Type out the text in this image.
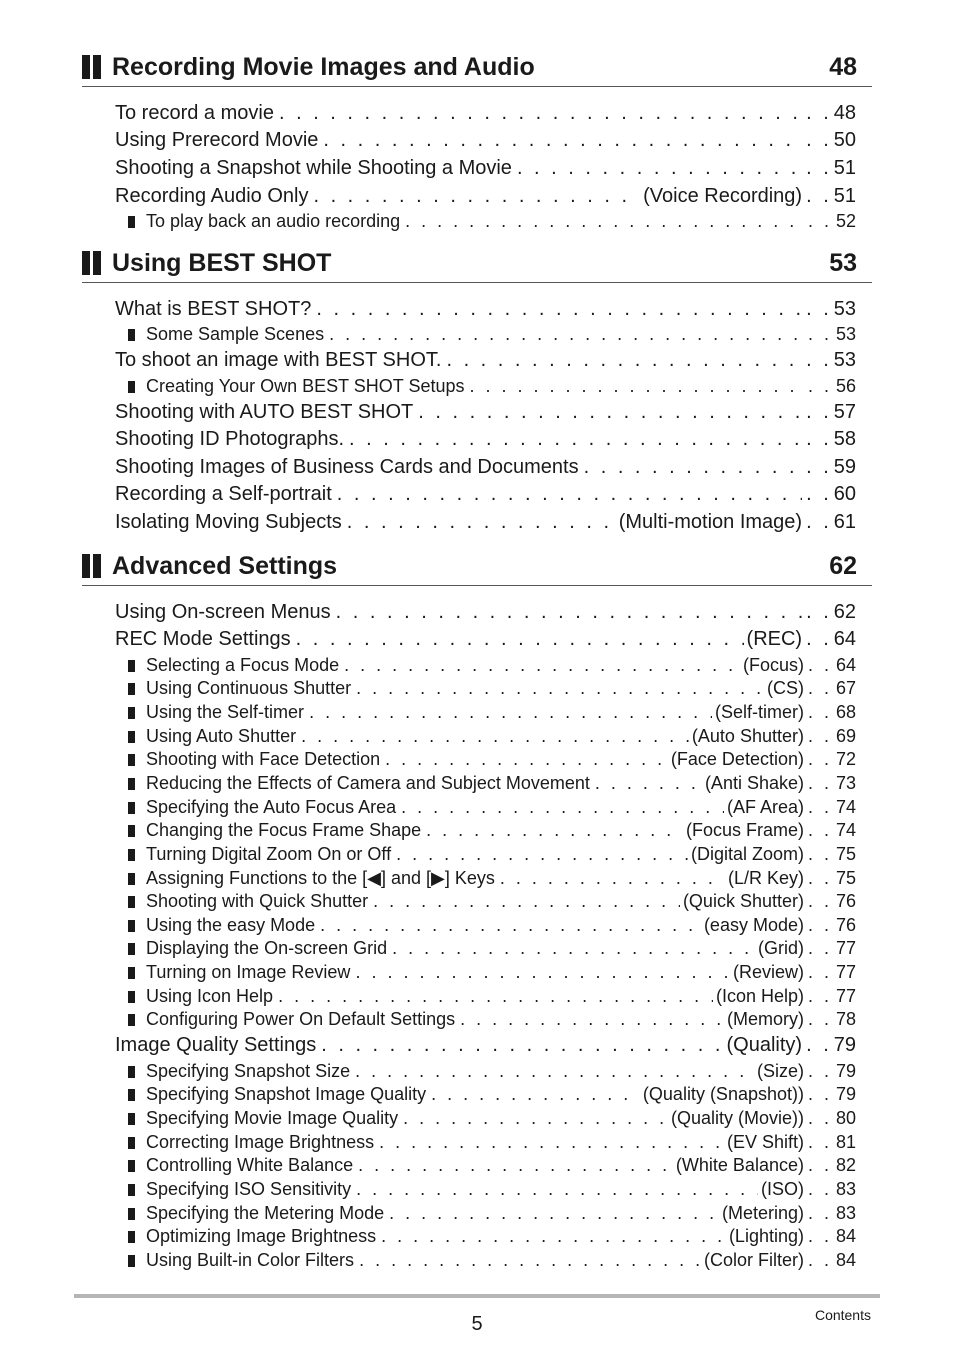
Recording Movie Images and Audio	48
To record a movie . . .	. . 48
Using Prerecord Movie . . .	. . 50
Shooting a Snapshot while Shooting a Movie . . .	. . 51
Recording Audio Only . . .	(Voice Recording) . . 51
To play back an audio recording . . .	. . 52
Using BEST SHOT	53
What is BEST SHOT? . . .	. . 53
Some Sample Scenes . . .	. . 53
To shoot an image with BEST SHOT. . . .	. . 53
Creating Your Own BEST SHOT Setups . . .	. . 56
Shooting with AUTO BEST SHOT . . .	. . 57
Shooting ID Photographs. . . .	. . 58
Shooting Images of Business Cards and Documents . . .	. . 59
Recording a Self-portrait . . .	. . 60
Isolating Moving Subjects . . .	(Multi-motion Image) . . 61
Advanced Settings	62
Using On-screen Menus . . .	. . 62
REC Mode Settings . . .	(REC) . . 64
Selecting a Focus Mode . . .	(Focus) . . 64
Using Continuous Shutter . . .	(CS) . . 67
Using the Self-timer . . .	(Self-timer) . . 68
Using Auto Shutter . . .	(Auto Shutter) . . 69
Shooting with Face Detection . . .	(Face Detection) . . 72
Reducing the Effects of Camera and Subject Movement . . .	(Anti Shake) . . 73
Specifying the Auto Focus Area . . .	(AF Area) . . 74
Changing the Focus Frame Shape . . .	(Focus Frame) . . 74
Turning Digital Zoom On or Off . . .	(Digital Zoom) . . 75
Assigning Functions to the [◀] and [▶] Keys . . .	(L/R Key) . . 75
Shooting with Quick Shutter . . .	(Quick Shutter) . . 76
Using the easy Mode . . .	(easy Mode) . . 76
Displaying the On-screen Grid . . .	(Grid) . . 77
Turning on Image Review . . .	(Review) . . 77
Using Icon Help . . .	(Icon Help) . . 77
Configuring Power On Default Settings . . .	(Memory) . . 78
Image Quality Settings . . .	(Quality) . . 79
Specifying Snapshot Size . . .	(Size) . . 79
Specifying Snapshot Image Quality . . .	(Quality (Snapshot)) . . 79
Specifying Movie Image Quality . . .	(Quality (Movie)) . . 80
Correcting Image Brightness . . .	(EV Shift) . . 81
Controlling White Balance . . .	(White Balance) . . 82
Specifying ISO Sensitivity . . .	(ISO) . . 83
Specifying the Metering Mode . . .	(Metering) . . 83
Optimizing Image Brightness . . .	(Lighting) . . 84
Using Built-in Color Filters . . .	(Color Filter) . . 84
5	Contents
